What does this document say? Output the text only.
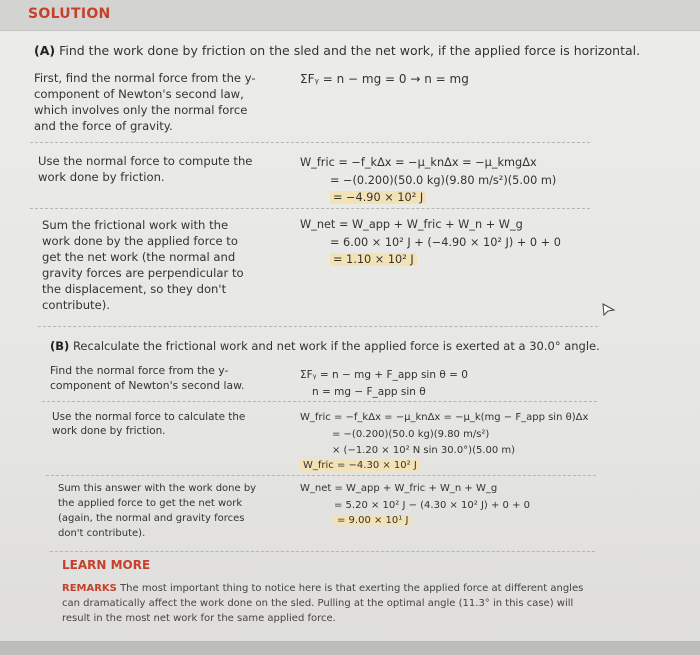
SOLUTION
(A) Find the work done by friction on the sled and the net work, if the applied force is horizontal.
First, find the normal force from the y-component of Newton's second law, which involves only the normal force and the force of gravity.
ΣFᵧ = n − mg = 0 → n = mg
Use the normal force to compute the work done by friction.
W_fric = −f_kΔx = −μ_knΔx = −μ_kmgΔx
= −(0.200)(50.0 kg)(9.80 m/s²)(5.00 m)
= −4.90 × 10² J
Sum the frictional work with the work done by the applied force to get the net work (the normal and gravity forces are perpendicular to the displacement, so they don't contribute).
W_net = W_app + W_fric + W_n + W_g
= 6.00 × 10² J + (−4.90 × 10² J) + 0 + 0
= 1.10 × 10² J
(B) Recalculate the frictional work and net work if the applied force is exerted at a 30.0° angle.
Find the normal force from the y-component of Newton's second law.
ΣFᵧ = n − mg + F_app sin θ = 0
n = mg − F_app sin θ
Use the normal force to calculate the work done by friction.
W_fric = −f_kΔx = −μ_knΔx = −μ_k(mg − F_app sin θ)Δx
= −(0.200)(50.0 kg)(9.80 m/s²)
× (−1.20 × 10² N sin 30.0°)(5.00 m)
W_fric = −4.30 × 10² J
Sum this answer with the work done by the applied force to get the net work (again, the normal and gravity forces don't contribute).
W_net = W_app + W_fric + W_n + W_g
= 5.20 × 10² J − (4.30 × 10² J) + 0 + 0
= 9.00 × 10¹ J
LEARN MORE
REMARKS The most important thing to notice here is that exerting the applied force at different angles can dramatically affect the work done on the sled. Pulling at the optimal angle (11.3° in this case) will result in the most net work for the same applied force.
